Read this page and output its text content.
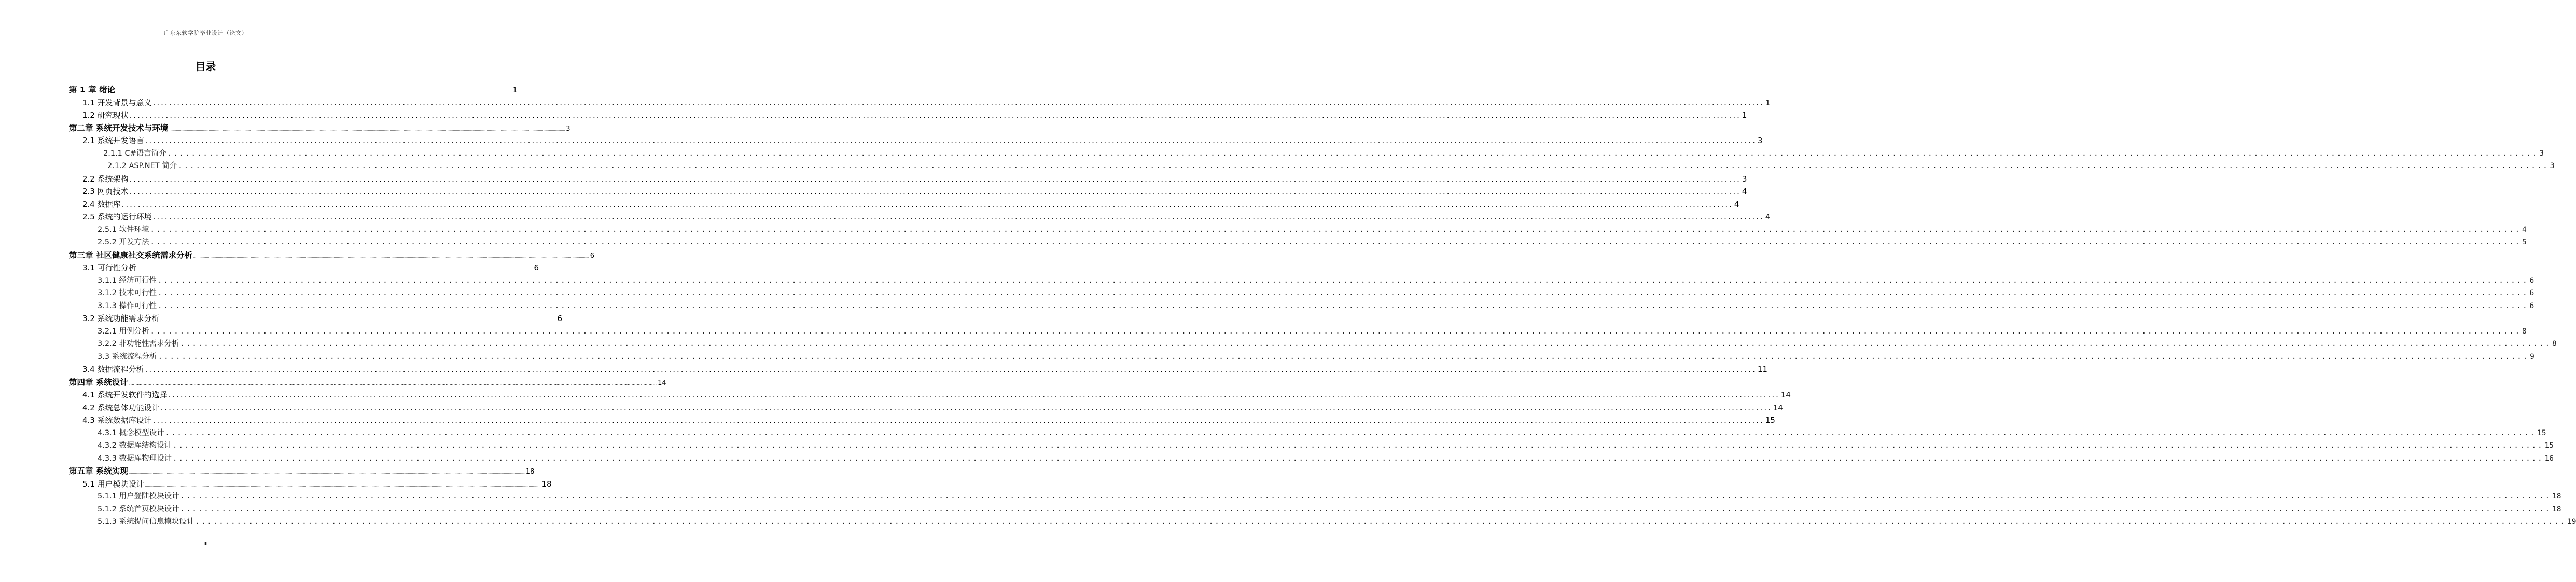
广东东软学院毕业设计（论文）
目录
第 1 章 绪论 ................................................................................................................................................................................................................................................................................................................................................................................................................ 1
1.1 开发背景与意义 ................................................................................................................................................................................................................................................................................................................................................................................................................ 1
1.2 研究现状 ................................................................................................................................................................................................................................................................................................................................................................................................................ 1
第二章 系统开发技术与环境 ................................................................................................................................................................................................................................................................................................................................................................................................................ 3
2.1 系统开发语言 ................................................................................................................................................................................................................................................................................................................................................................................................................ 3
2.1.1 C#语言简介 ................................................................................................................................................................................................................................................................................................................................................................................................................ 3
2.1.2 ASP.NET 简介 ................................................................................................................................................................................................................................................................................................................................................................................................................ 3
2.2 系统架构 ................................................................................................................................................................................................................................................................................................................................................................................................................ 3
2.3 网页技术 ................................................................................................................................................................................................................................................................................................................................................................................................................ 4
2.4 数据库 ................................................................................................................................................................................................................................................................................................................................................................................................................ 4
2.5 系统的运行环境 ................................................................................................................................................................................................................................................................................................................................................................................................................ 4
2.5.1 软件环境 ................................................................................................................................................................................................................................................................................................................................................................................................................ 4
2.5.2 开发方法 ................................................................................................................................................................................................................................................................................................................................................................................................................ 5
第三章 社区健康社交系统需求分析 ................................................................................................................................................................................................................................................................................................................................................................................................................ 6
3.1 可行性分析 ................................................................................................................................................................................................................................................................................................................................................................................................................ 6
3.1.1 经济可行性 ................................................................................................................................................................................................................................................................................................................................................................................................................ 6
3.1.2 技术可行性 ................................................................................................................................................................................................................................................................................................................................................................................................................ 6
3.1.3 操作可行性 ................................................................................................................................................................................................................................................................................................................................................................................................................ 6
3.2 系统功能需求分析 ................................................................................................................................................................................................................................................................................................................................................................................................................ 6
3.2.1 用例分析 ................................................................................................................................................................................................................................................................................................................................................................................................................ 8
3.2.2 非功能性需求分析 ................................................................................................................................................................................................................................................................................................................................................................................................................ 8
3.3 系统流程分析 ................................................................................................................................................................................................................................................................................................................................................................................................................ 9
3.4 数据流程分析 ................................................................................................................................................................................................................................................................................................................................................................................................................ 11
第四章 系统设计 ................................................................................................................................................................................................................................................................................................................................................................................................................ 14
4.1 系统开发软件的选择 ................................................................................................................................................................................................................................................................................................................................................................................................................ 14
4.2 系统总体功能设计 ................................................................................................................................................................................................................................................................................................................................................................................................................ 14
4.3 系统数据库设计 ................................................................................................................................................................................................................................................................................................................................................................................................................ 15
4.3.1 概念模型设计 ................................................................................................................................................................................................................................................................................................................................................................................................................ 15
4.3.2 数据库结构设计 ................................................................................................................................................................................................................................................................................................................................................................................................................ 15
4.3.3 数据库物理设计 ................................................................................................................................................................................................................................................................................................................................................................................................................ 16
第五章 系统实现 ................................................................................................................................................................................................................................................................................................................................................................................................................ 18
5.1 用户模块设计 ................................................................................................................................................................................................................................................................................................................................................................................................................ 18
5.1.1 用户登陆模块设计 ................................................................................................................................................................................................................................................................................................................................................................................................................ 18
5.1.2 系统首页模块设计 ................................................................................................................................................................................................................................................................................................................................................................................................................ 18
5.1.3 系统提问信息模块设计 ................................................................................................................................................................................................................................................................................................................................................................................................................ 19
III
